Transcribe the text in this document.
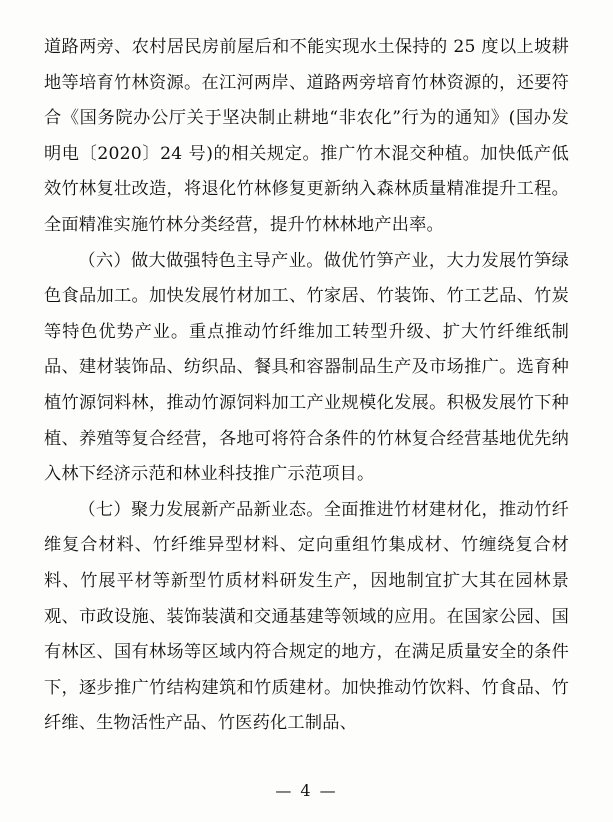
道路两旁、农村居民房前屋后和不能实现水土保持的 25 度以上坡耕地等培育竹林资源。在江河两岸、道路两旁培育竹林资源的，还要符合《国务院办公厅关于坚决制止耕地“非农化”行为的通知》(国办发明电〔2020〕24 号)的相关规定。推广竹木混交种植。加快低产低效竹林复壮改造，将退化竹林修复更新纳入森林质量精准提升工程。全面精准实施竹林分类经营，提升竹林林地产出率。

（六）做大做强特色主导产业。做优竹笋产业，大力发展竹笋绿色食品加工。加快发展竹材加工、竹家居、竹装饰、竹工艺品、竹炭等特色优势产业。重点推动竹纤维加工转型升级、扩大竹纤维纸制品、建材装饰品、纺织品、餐具和容器制品生产及市场推广。选育种植竹源饲料林，推动竹源饲料加工产业规模化发展。积极发展竹下种植、养殖等复合经营，各地可将符合条件的竹林复合经营基地优先纳入林下经济示范和林业科技推广示范项目。

（七）聚力发展新产品新业态。全面推进竹材建材化，推动竹纤维复合材料、竹纤维异型材料、定向重组竹集成材、竹缠绕复合材料、竹展平材等新型竹质材料研发生产，因地制宜扩大其在园林景观、市政设施、装饰装潢和交通基建等领域的应用。在国家公园、国有林区、国有林场等区域内符合规定的地方，在满足质量安全的条件下，逐步推广竹结构建筑和竹质建材。加快推动竹饮料、竹食品、竹纤维、生物活性产品、竹医药化工制品、

— 4 —
